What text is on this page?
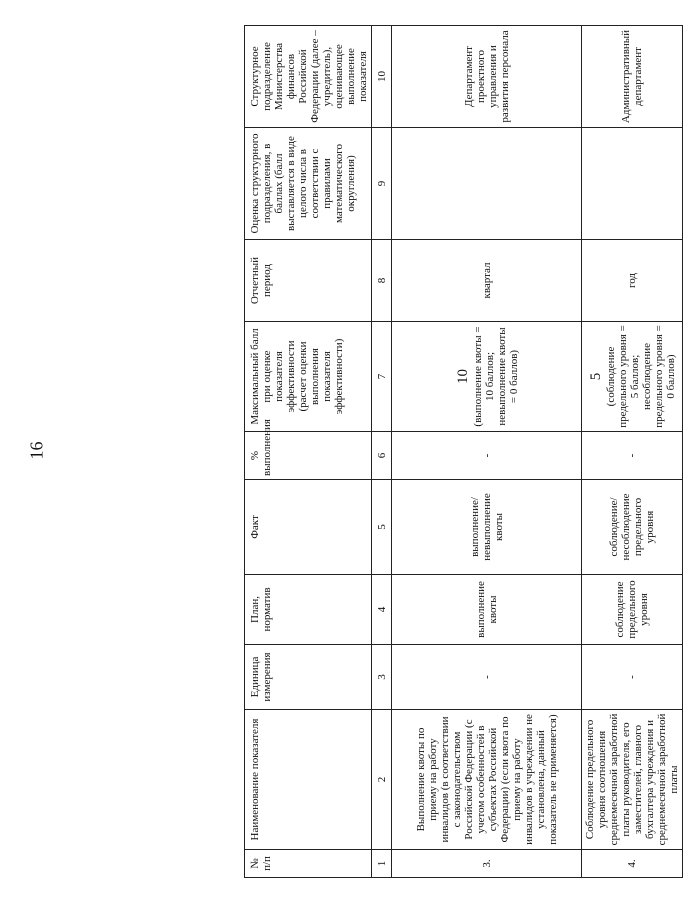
16
№ п/п	Наименование показателя	Единица измерения	План, норматив	Факт	% выполнения	Максимальный балл при оценке показателя эффективности (расчет оценки выполнения показателя эффективности)	Отчетный период	Оценка структурного подразделения, в баллах (балл выставляется в виде целого числа в соответствии с правилами математического округления)	Структурное подразделение Министерства финансов Российской Федерации (далее – учредитель), оценивающее выполнение показателя
1	2	3	4	5	6	7	8	9	10
3.	Выполнение квоты по приему на работу инвалидов (в соответствии с законодательством Российской Федерации (с учетом особенностей в субъектах Российской Федерации) (если квота по приему на работу инвалидов в учреждении не установлена, данный показатель не применяется)	-	выполнение квоты	выполнение/ невыполнение квоты	-	10 (выполнение квоты = 10 баллов; невыполнение квоты = 0 баллов)	квартал		Департамент проектного управления и развития персонала
4.	Соблюдение предельного уровня соотношения среднемесячной заработной платы руководителя, его заместителей, главного бухгалтера учреждения и среднемесячной заработной платы	-	соблюдение предельного уровня	соблюдение/ несоблюдение предельного уровня	-	5 (соблюдение предельного уровня = 5 баллов; несоблюдение предельного уровня = 0 баллов)	год		Административный департамент
